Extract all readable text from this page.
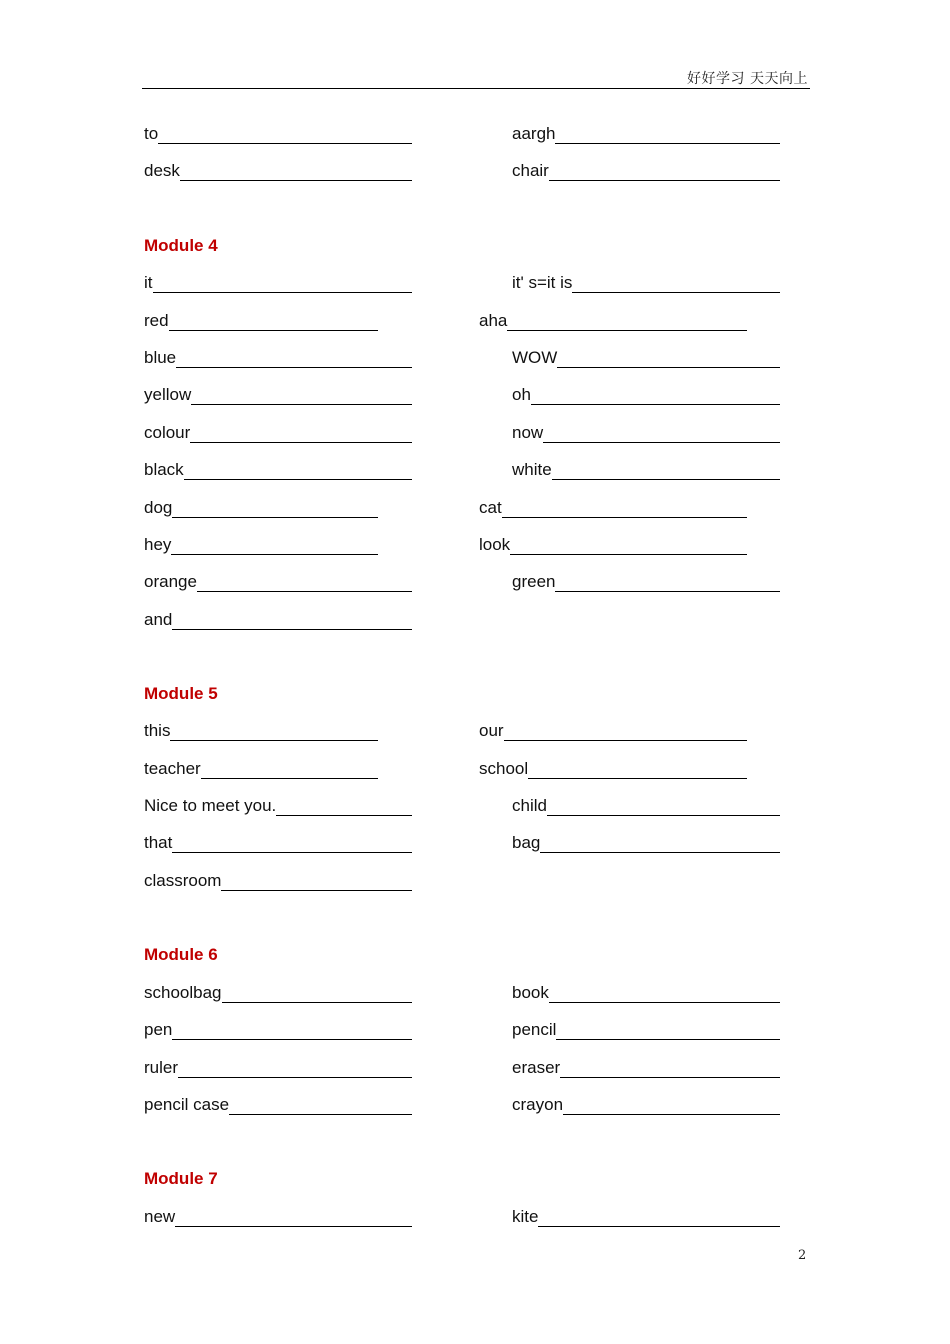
好好学习 天天向上
to	aargh
desk	chair
Module 4
it	it' s=it is
red	aha
blue	WOW
yellow	oh
colour	now
black	white
dog	cat
hey	look
orange	green
and
Module 5
this	our
teacher	school
Nice to meet you.	child
that	bag
classroom
Module 6
schoolbag	book
pen	pencil
ruler	eraser
pencil case	crayon
Module 7
new	kite
2
